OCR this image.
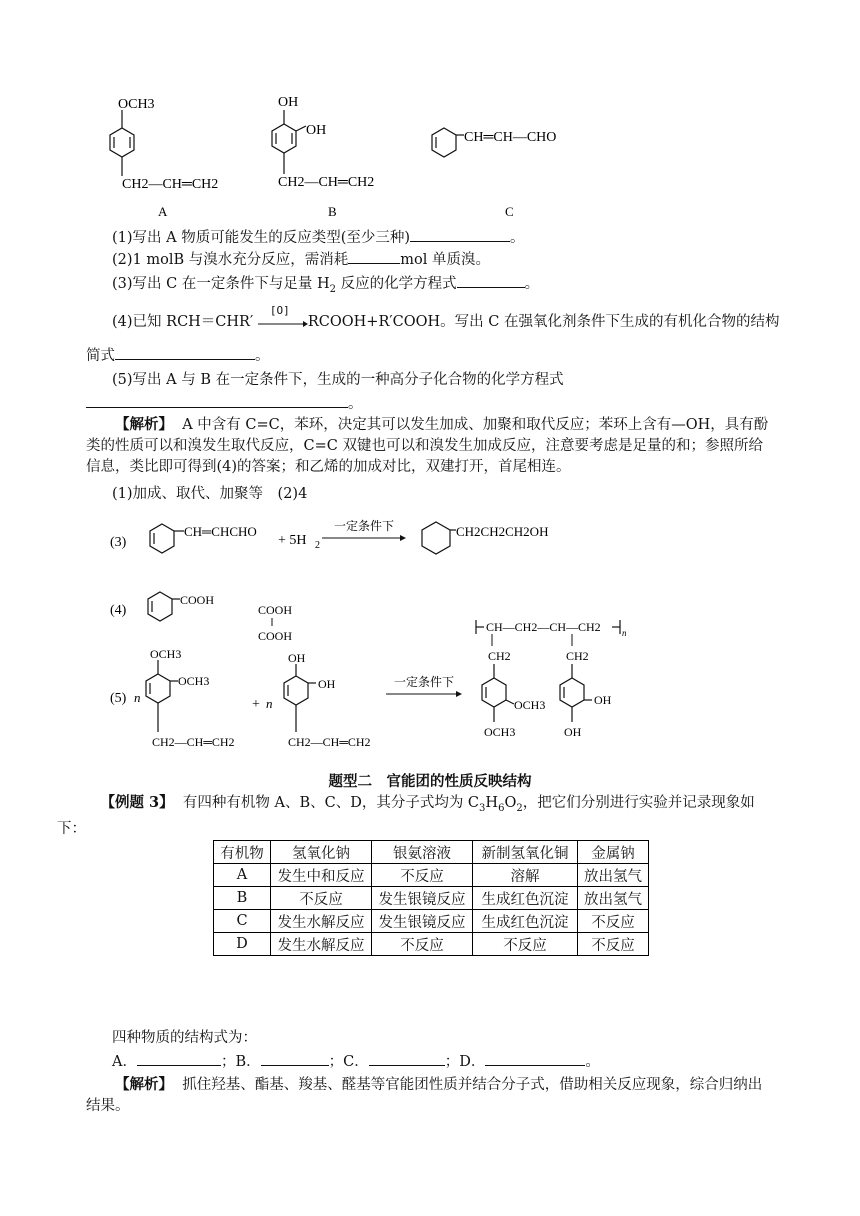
OCH3
CH2—CH═CH2
A
OH
OH
CH2—CH═CH2
B
CH═CH—CHO
C
(1)写出 A 物质可能发生的反应类型(至少三种)	。
(2)1 molB 与溴水充分反应，需消耗	mol 单质溴。
(3)写出 C 在一定条件下与足量 $H_2$ 反应的化学方程式	。
(4)已知 RCH＝CHR′
[O]
RCOOH+R′COOH。写出 C 在强氧化剂条件下生成的有机化合物的结构
简式	。
(5)写出 A 与 B 在一定条件下，生成的一种高分子化合物的化学方程式
。
【解析】 A 中含有 C=C，苯环，决定其可以发生加成、加聚和取代反应；苯环上含有—OH，具有酚类的性质可以和溴发生取代反应，C=C 双键也可以和溴发生加成反应，注意要考虑是足量的和；参照所给信息，类比即可得到(4)的答案；和乙烯的加成对比，双建打开，首尾相连。
(1)加成、取代、加聚等　(2)4
(3)
CH═CHCHO
+ 5H 2
一定条件下	CH2CH2CH2OH
(4)
COOH
COOH
COOH
(5) n
OCH3
OCH3
CH2—CH═CH2
+ n
OH
OH
CH2—CH═CH2
一定条件下
CH—CH2—CH—CH2 n
CH2	CH2
OCH3
OCH3
OH
OH
题型二　官能团的性质反映结构
【例题 3】 有四种有机物 A、B、C、D，其分子式均为 $C_3H_6O_2$，把它们分别进行实验并记录现象如
下：
有机物	氢氧化钠	银氨溶液	新制氢氧化铜	金属钠
A	发生中和反应	不反应	溶解	放出氢气
B	不反应	发生银镜反应	生成红色沉淀	放出氢气
C	发生水解反应	发生银镜反应	生成红色沉淀	不反应
D	发生水解反应	不反应	不反应	不反应
四种物质的结构式为：
A．	；B．	；C．	；D．	。
【解析】 抓住羟基、酯基、羧基、醛基等官能团性质并结合分子式，借助相关反应现象，综合归纳出结果。
